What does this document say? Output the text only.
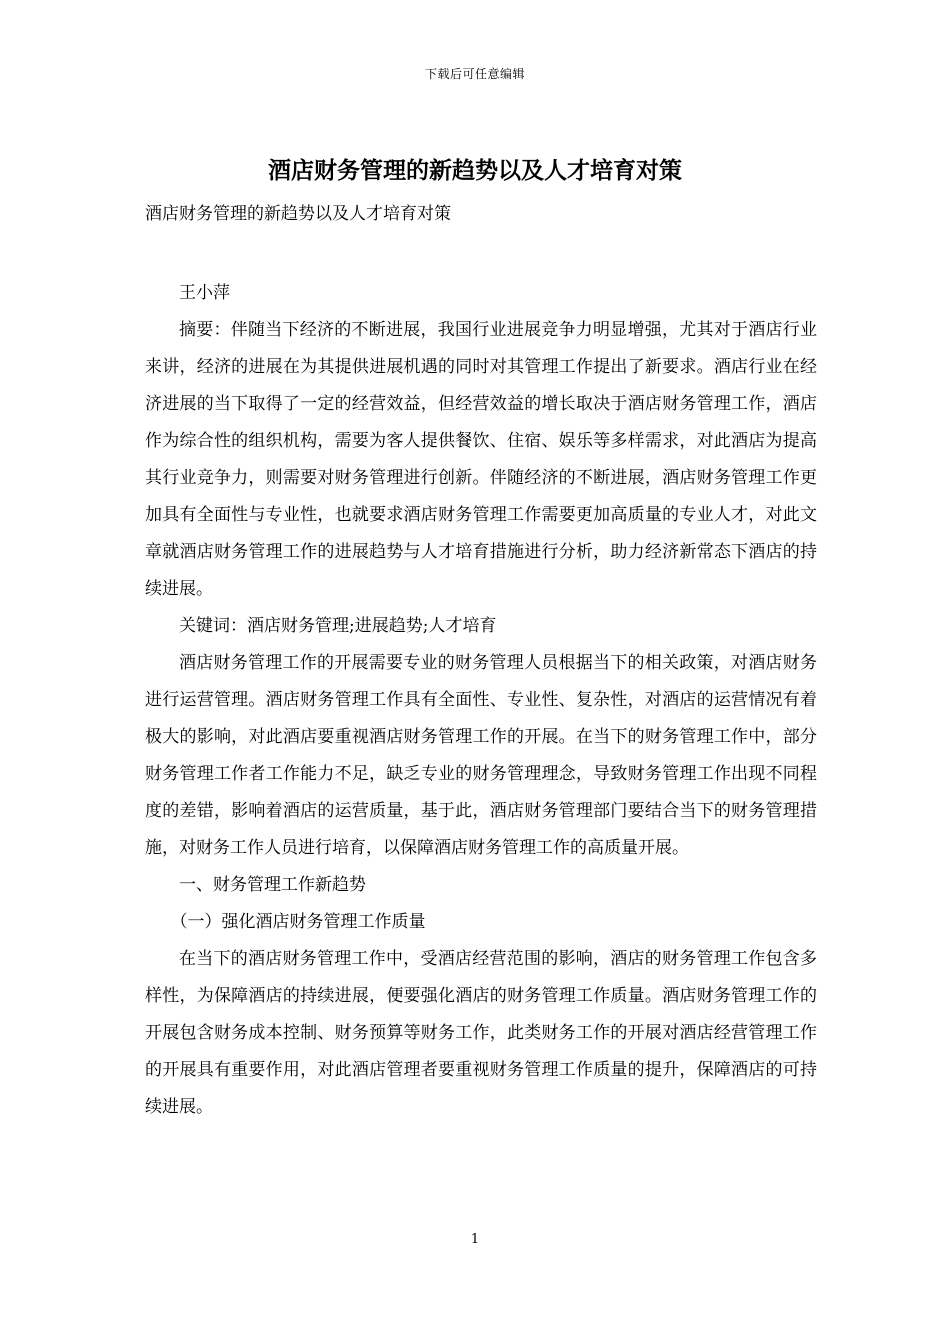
下载后可任意编辑
酒店财务管理的新趋势以及人才培育对策
酒店财务管理的新趋势以及人才培育对策

王小萍

摘要：伴随当下经济的不断进展，我国行业进展竞争力明显增强，尤其对于酒店行业来讲，经济的进展在为其提供进展机遇的同时对其管理工作提出了新要求。酒店行业在经济进展的当下取得了一定的经营效益，但经营效益的增长取决于酒店财务管理工作，酒店作为综合性的组织机构，需要为客人提供餐饮、住宿、娱乐等多样需求，对此酒店为提高其行业竞争力，则需要对财务管理进行创新。伴随经济的不断进展，酒店财务管理工作更加具有全面性与专业性，也就要求酒店财务管理工作需要更加高质量的专业人才，对此文章就酒店财务管理工作的进展趋势与人才培育措施进行分析，助力经济新常态下酒店的持续进展。

关键词：酒店财务管理;进展趋势;人才培育

酒店财务管理工作的开展需要专业的财务管理人员根据当下的相关政策，对酒店财务进行运营管理。酒店财务管理工作具有全面性、专业性、复杂性，对酒店的运营情况有着极大的影响，对此酒店要重视酒店财务管理工作的开展。在当下的财务管理工作中，部分财务管理工作者工作能力不足，缺乏专业的财务管理理念，导致财务管理工作出现不同程度的差错，影响着酒店的运营质量，基于此，酒店财务管理部门要结合当下的财务管理措施，对财务工作人员进行培育，以保障酒店财务管理工作的高质量开展。

一、财务管理工作新趋势

（一）强化酒店财务管理工作质量

在当下的酒店财务管理工作中，受酒店经营范围的影响，酒店的财务管理工作包含多样性，为保障酒店的持续进展，便要强化酒店的财务管理工作质量。酒店财务管理工作的开展包含财务成本控制、财务预算等财务工作，此类财务工作的开展对酒店经营管理工作的开展具有重要作用，对此酒店管理者要重视财务管理工作质量的提升，保障酒店的可持续进展。

1
